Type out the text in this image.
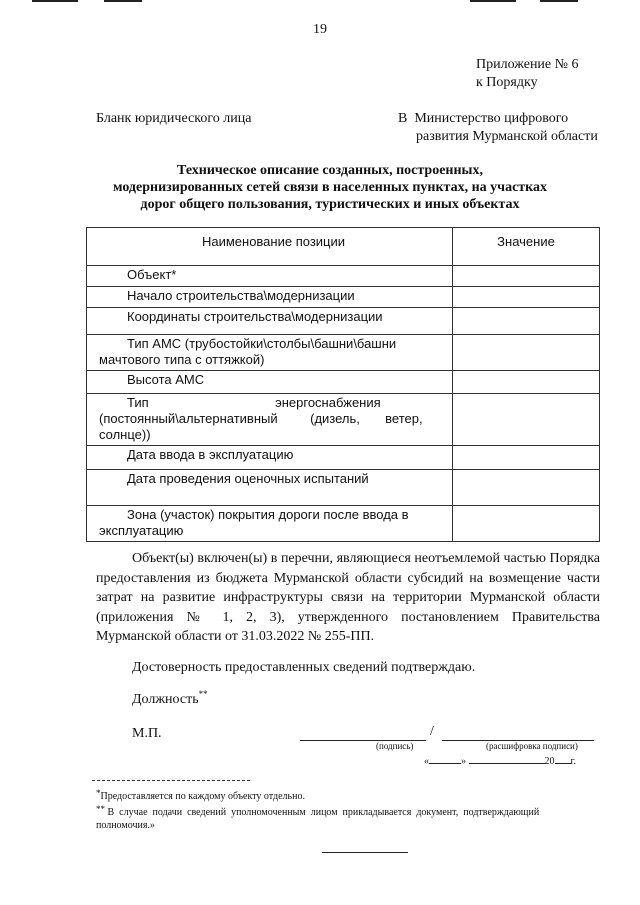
19
Приложение № 6
к Порядку
Бланк юридического лица	В  Министерство цифрового
развития Мурманской области
Техническое описание созданных, построенных,
модернизированных сетей связи в населенных пунктах, на участках
дорог общего пользования, туристических и иных объектах
Наименование позиции	Значение
Объект*	
Начало строительства\модернизации	
Координаты строительства\модернизации	

Тип АМС (трубостойки\столбы\башни\башни
мачтового типа с оттяжкой)	

Высота АМС	

Тип                                   энергоснабжения
(постоянный\альтернативный         (дизель,       ветер,
солнце))	

Дата ввода в эксплуатацию	
Дата проведения оценочных испытаний	

Зона (участок) покрытия дороги после ввода в
эксплуатацию	

Объект(ы) включен(ы) в перечни, являющиеся неотъемлемой частью Порядка предоставления из бюджета Мурманской области субсидий на возмещение части затрат на развитие инфраструктуры связи на территории Мурманской области (приложения № 1, 2, 3), утвержденного постановлением Правительства Мурманской области от 31.03.2022 № 255-ПП.
Достоверность предоставленных сведений подтверждаю.
Должность**
М.П.	/
(подпись)	(расшифровка подписи)
«	»	20 г.
*Предоставляется по каждому объекту отдельно.
** В  случае  подачи  сведений  уполномоченным  лицом  прикладывается  документ,  подтверждающий полномочия.»
